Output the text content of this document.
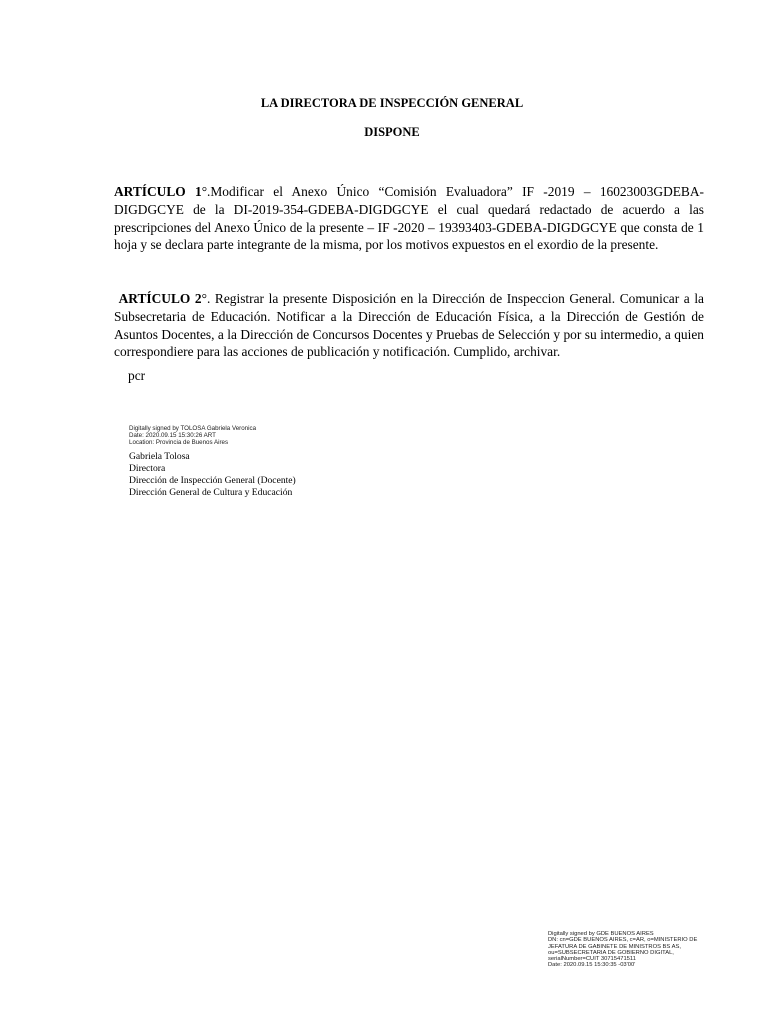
LA DIRECTORA DE INSPECCIÓN GENERAL
DISPONE
ARTÍCULO 1°.Modificar el Anexo Único “Comisión Evaluadora” IF -2019 – 16023003GDEBA-DIGDGCYE de la DI-2019-354-GDEBA-DIGDGCYE el cual quedará redactado de acuerdo a las prescripciones del Anexo Único de la presente – IF -2020 – 19393403-GDEBA-DIGDGCYE que consta de 1 hoja y se declara parte integrante de la misma, por los motivos expuestos en el exordio de la presente.
ARTÍCULO 2°. Registrar la presente Disposición en la Dirección de Inspeccion General. Comunicar a la Subsecretaria de Educación. Notificar a la Dirección de Educación Física, a la Dirección de Gestión de Asuntos Docentes, a la Dirección de Concursos Docentes y Pruebas de Selección y por su intermedio, a quien correspondiere para las acciones de publicación y notificación. Cumplido, archivar.
pcr
Digitally signed by TOLOSA Gabriela Veronica
Date: 2020.09.15 15:30:26 ART
Location: Provincia de Buenos Aires
Gabriela Tolosa
Directora
Dirección de Inspección General (Docente)
Dirección General de Cultura y Educación
Digitally signed by GDE BUENOS AIRES
DN: cn=GDE BUENOS AIRES, c=AR, o=MINISTERIO DE
JEFATURA DE GABINETE DE MINISTROS BS AS,
ou=SUBSECRETARIA DE GOBIERNO DIGITAL,
serialNumber=CUIT 30715471511
Date: 2020.09.15 15:30:35 -03'00'
